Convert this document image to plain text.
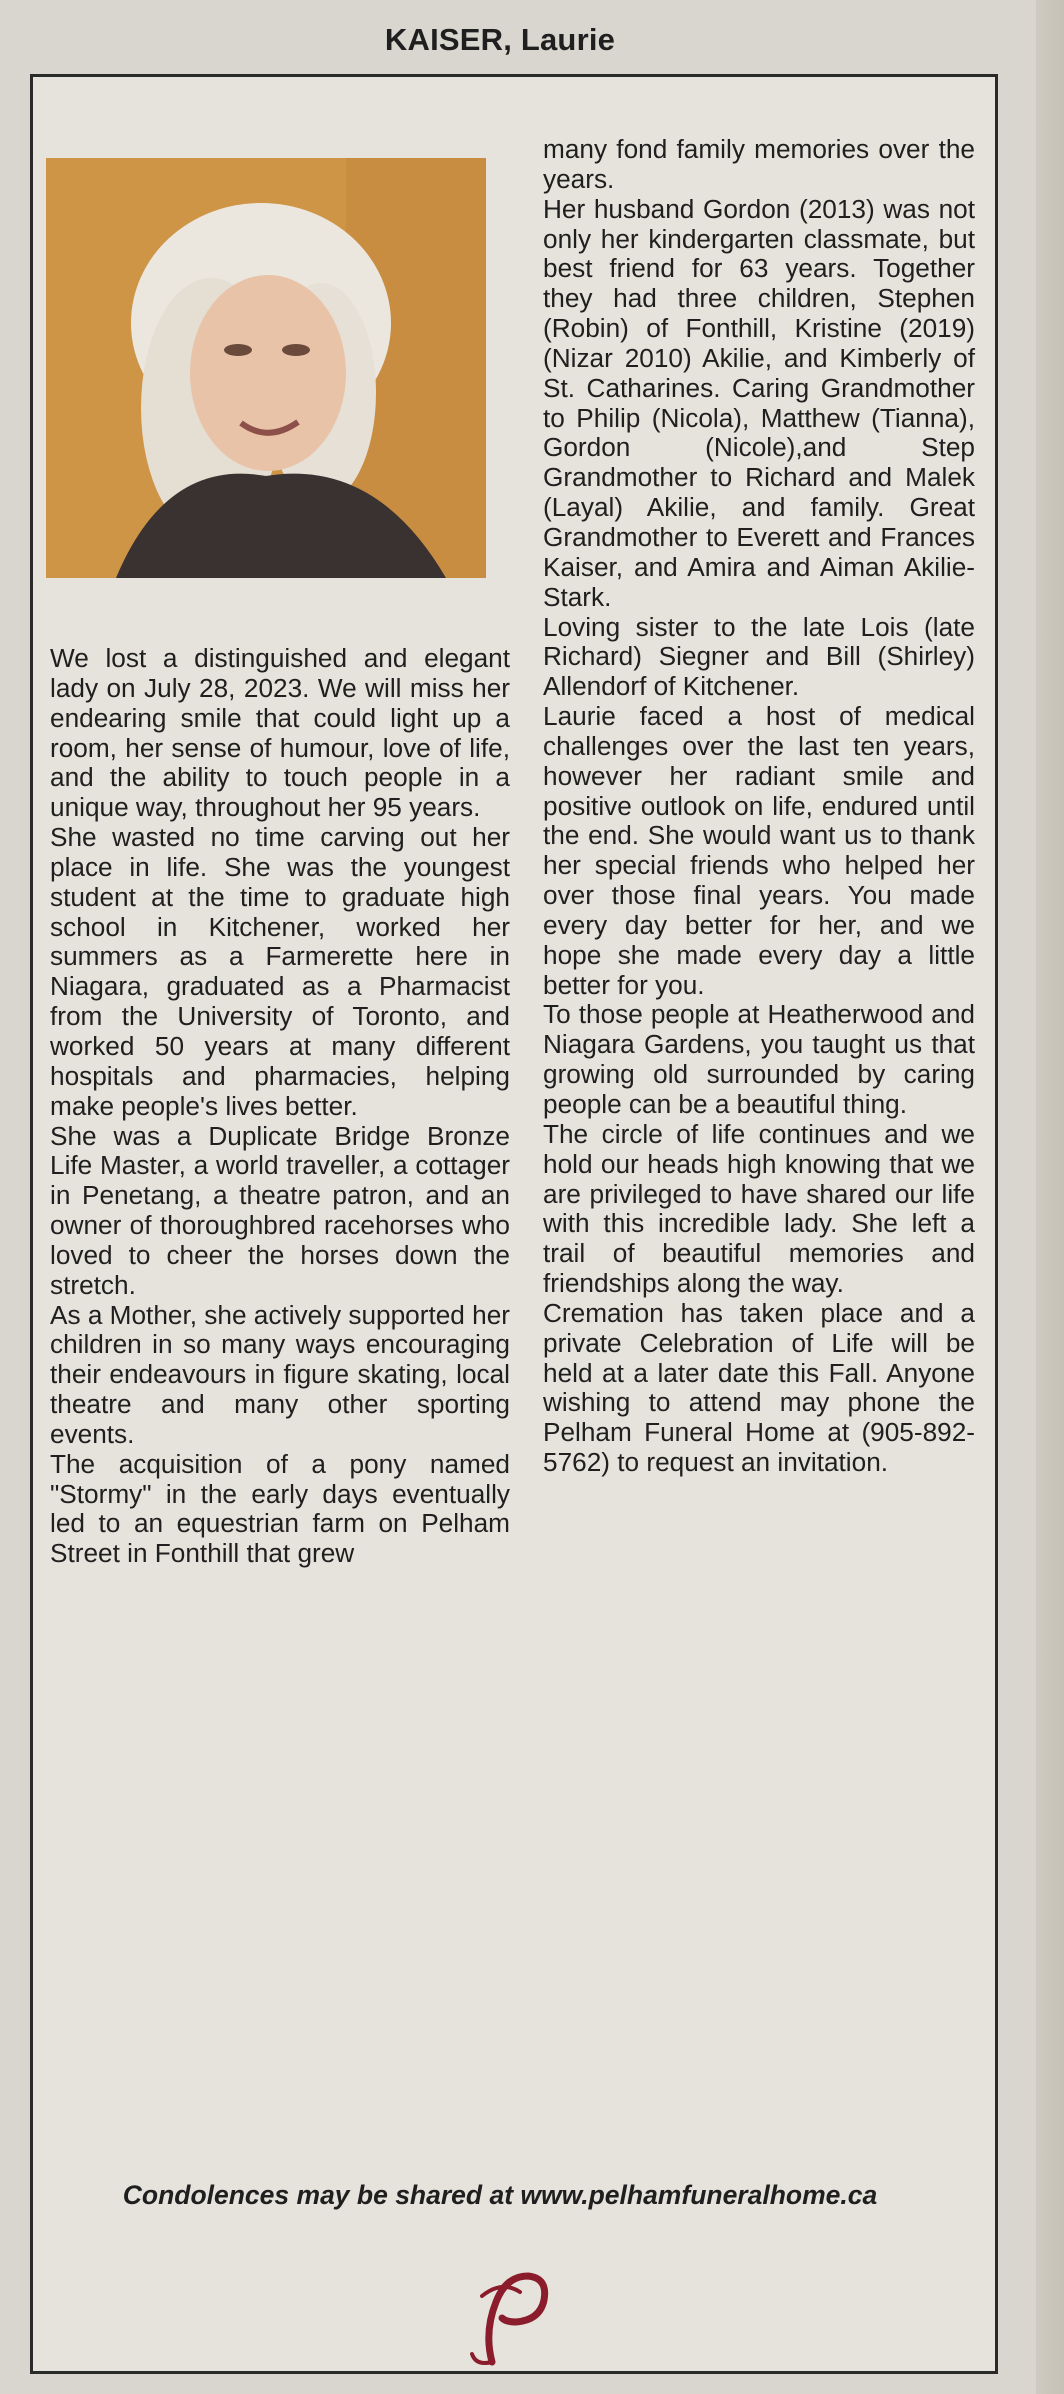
KAISER, Laurie

We lost a distinguished and elegant lady on July 28, 2023. We will miss her endearing smile that could light up a room, her sense of humour, love of life, and the ability to touch people in a unique way, throughout her 95 years.

She wasted no time carving out her place in life. She was the youngest student at the time to graduate high school in Kitchener, worked her summers as a Farmerette here in Niagara, graduated as a Pharmacist from the University of Toronto, and worked 50 years at many different hospitals and pharmacies, helping make people's lives better.

She was a Duplicate Bridge Bronze Life Master, a world traveller, a cottager in Penetang, a theatre patron, and an owner of thoroughbred racehorses who loved to cheer the horses down the stretch.

As a Mother, she actively supported her children in so many ways encouraging their endeavours in figure skating, local theatre and many other sporting events.

The acquisition of a pony named "Stormy" in the early days eventually led to an equestrian farm on Pelham Street in Fonthill that grew

many fond family memories over the years.

Her husband Gordon (2013) was not only her kindergarten classmate, but best friend for 63 years. Together they had three children, Stephen (Robin) of Fonthill, Kristine (2019) (Nizar 2010) Akilie, and Kimberly of St. Catharines. Caring Grandmother to Philip (Nicola), Matthew (Tianna), Gordon (Nicole),and Step Grandmother to Richard and Malek (Layal) Akilie, and family. Great Grandmother to Everett and Frances Kaiser, and Amira and Aiman Akilie-Stark.

Loving sister to the late Lois (late Richard) Siegner and Bill (Shirley) Allendorf of Kitchener.

Laurie faced a host of medical challenges over the last ten years, however her radiant smile and positive outlook on life, endured until the end. She would want us to thank her special friends who helped her over those final years. You made every day better for her, and we hope she made every day a little better for you.

To those people at Heatherwood and Niagara Gardens, you taught us that growing old surrounded by caring people can be a beautiful thing.

The circle of life continues and we hold our heads high knowing that we are privileged to have shared our life with this incredible lady. She left a trail of beautiful memories and friendships along the way.

Cremation has taken place and a private Celebration of Life will be held at a later date this Fall. Anyone wishing to attend may phone the Pelham Funeral Home at (905-892-5762) to request an invitation.

Condolences may be shared at www.pelhamfuneralhome.ca
